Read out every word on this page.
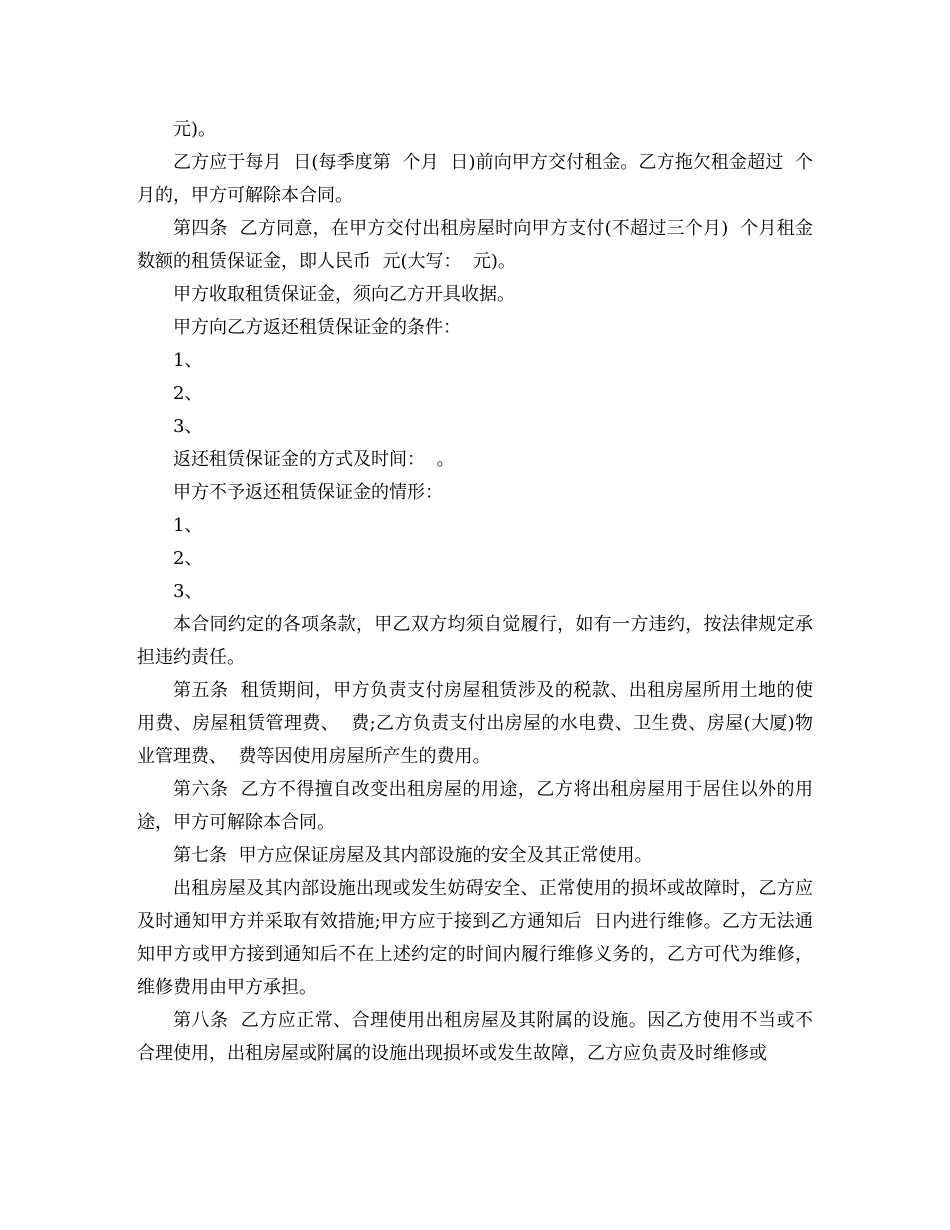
元)。

乙方应于每月  日(每季度第  个月  日)前向甲方交付租金。乙方拖欠租金超过  个月的，甲方可解除本合同。

第四条  乙方同意，在甲方交付出租房屋时向甲方支付(不超过三个月)  个月租金数额的租赁保证金，即人民币  元(大写：  元)。

甲方收取租赁保证金，须向乙方开具收据。

甲方向乙方返还租赁保证金的条件：

1、

2、

3、

返还租赁保证金的方式及时间：  。

甲方不予返还租赁保证金的情形：

1、

2、

3、

本合同约定的各项条款，甲乙双方均须自觉履行，如有一方违约，按法律规定承担违约责任。

第五条  租赁期间，甲方负责支付房屋租赁涉及的税款、出租房屋所用土地的使用费、房屋租赁管理费、  费;乙方负责支付出房屋的水电费、卫生费、房屋(大厦)物业管理费、  费等因使用房屋所产生的费用。

第六条  乙方不得擅自改变出租房屋的用途，乙方将出租房屋用于居住以外的用途，甲方可解除本合同。

第七条  甲方应保证房屋及其内部设施的安全及其正常使用。

出租房屋及其内部设施出现或发生妨碍安全、正常使用的损坏或故障时，乙方应及时通知甲方并采取有效措施;甲方应于接到乙方通知后  日内进行维修。乙方无法通知甲方或甲方接到通知后不在上述约定的时间内履行维修义务的，乙方可代为维修，维修费用由甲方承担。

第八条  乙方应正常、合理使用出租房屋及其附属的设施。因乙方使用不当或不合理使用，出租房屋或附属的设施出现损坏或发生故障，乙方应负责及时维修或
